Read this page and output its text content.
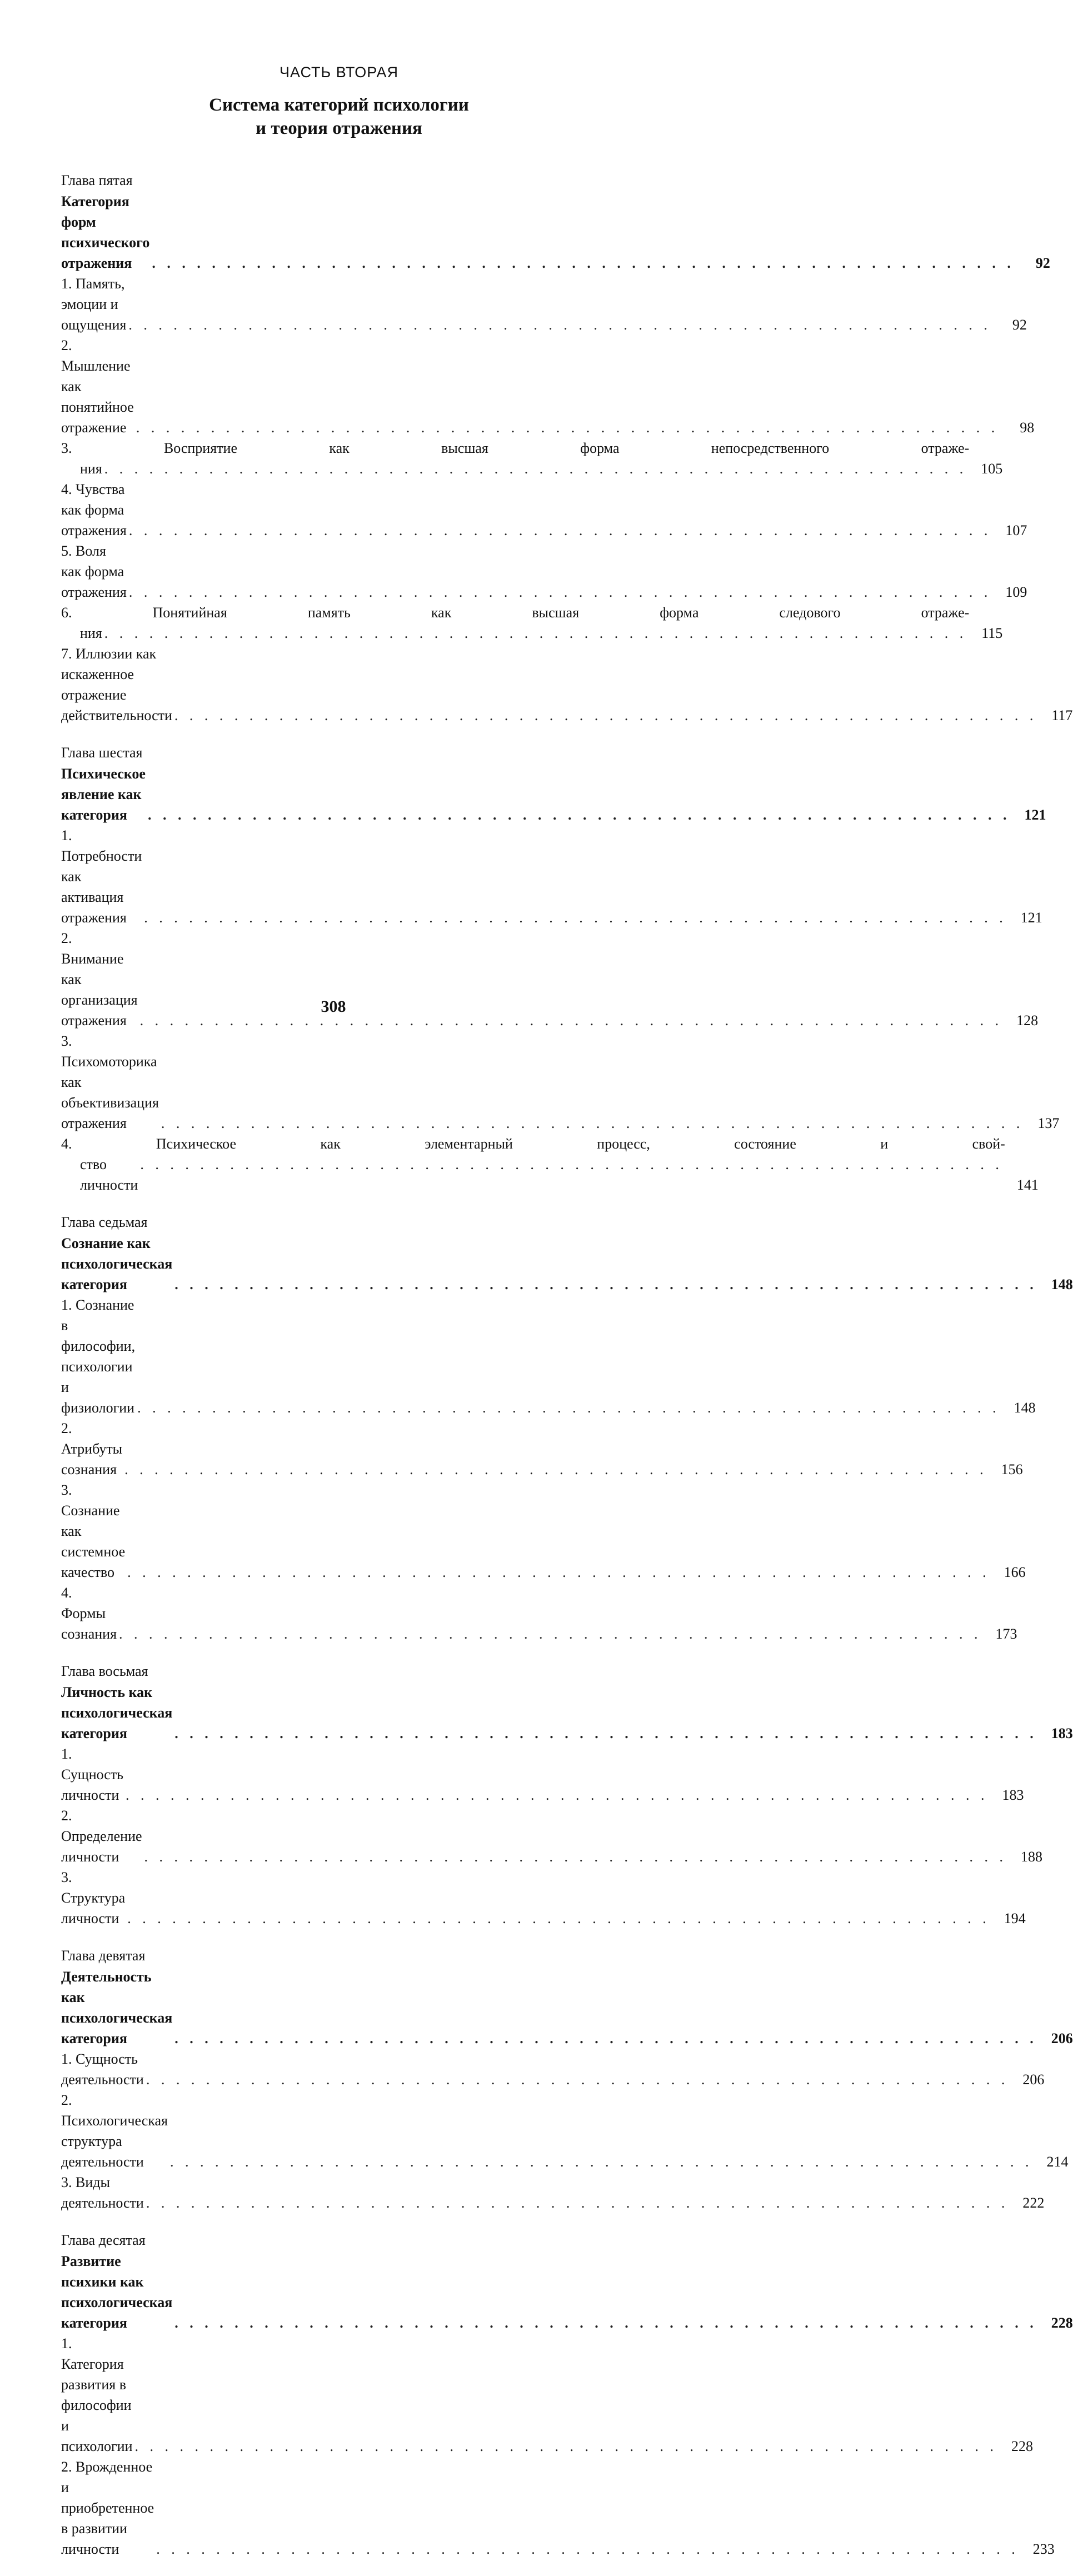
ЧАСТЬ ВТОРАЯ
Система категорий психологии
и теория отражения
Глава пятая
Категория форм психического отражения . . .	92
1. Память, эмоции и ощущения . . .	92
2. Мышление как понятийное отражение . . .	98
3. Восприятие как высшая форма непосредственного отраже-
ния . . .	105
4. Чувства как форма отражения . . .	107
5. Воля как форма отражения . . .	109
6. Понятийная память как высшая форма следового отраже-
ния . . .	115
7. Иллюзии как искаженное отражение действительности . . .	117
Глава шестая
Психическое явление как категория . . .	121
1. Потребности как активация отражения . . .	121
2. Внимание как организация отражения . . .	128
3. Психомоторика как объективизация отражения . . .	137
4. Психическое как элементарный процесс, состояние и свой-
ство личности . . .	141
Глава седьмая
Сознание как психологическая категория . . .	148
1. Сознание в философии, психологии и физиологии . . .	148
2. Атрибуты сознания . . .	156
3. Сознание как системное качество . . .	166
4. Формы сознания . . .	173
Глава восьмая
Личность как психологическая категория . . .	183
1. Сущность личности . . .	183
2. Определение личности . . .	188
3. Структура личности . . .	194
Глава девятая
Деятельность как психологическая категория . . .	206
1. Сущность деятельности . . .	206
2. Психологическая структура деятельности . . .	214
3. Виды деятельности . . .	222
Глава десятая
Развитие психики как психологическая категория . . .	228
1. Категория развития в философии и психологии . . .	228
2. Врожденное и приобретенное в развитии личности . . .	233
308
